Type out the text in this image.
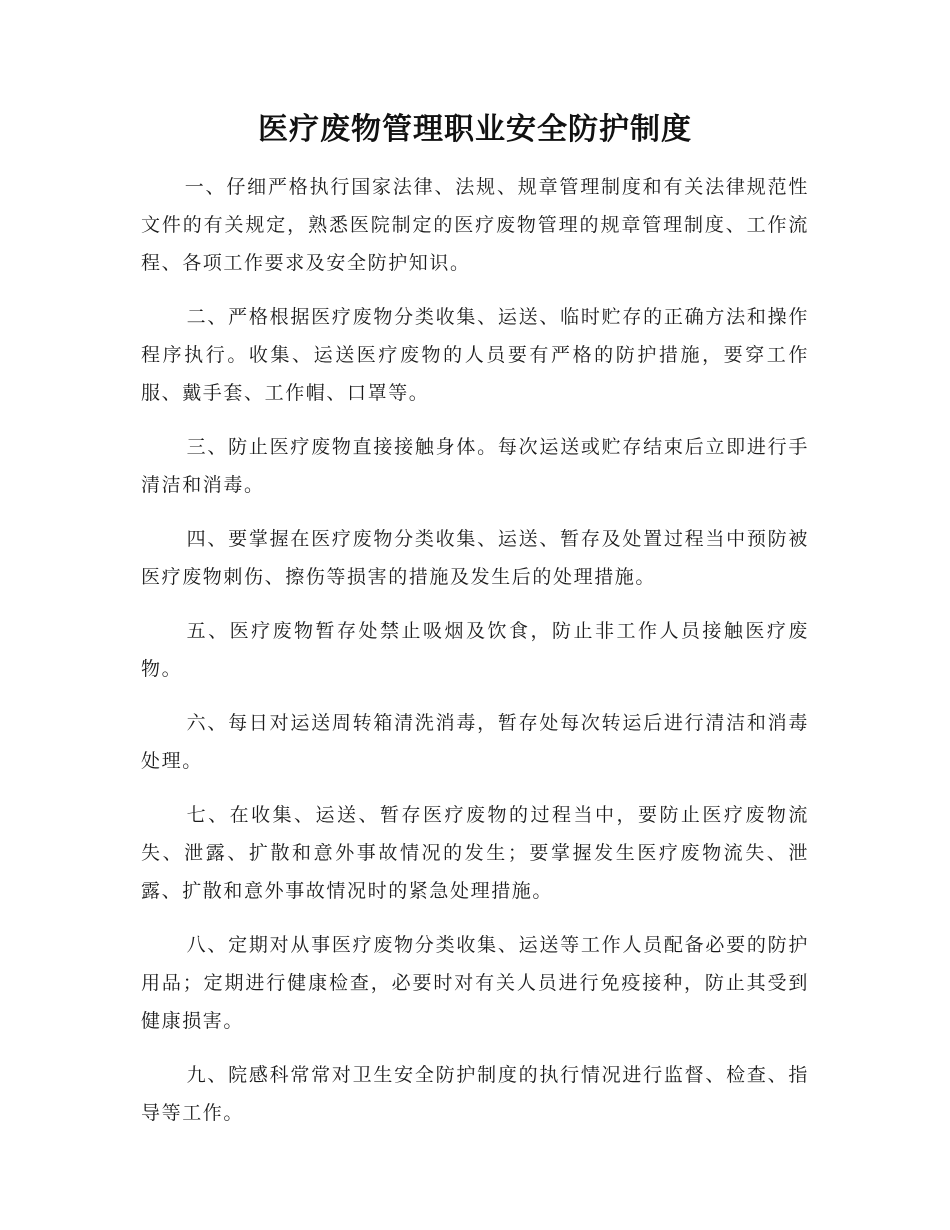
医疗废物管理职业安全防护制度

一、仔细严格执行国家法律、法规、规章管理制度和有关法律规范性文件的有关规定，熟悉医院制定的医疗废物管理的规章管理制度、工作流程、各项工作要求及安全防护知识。

二、严格根据医疗废物分类收集、运送、临时贮存的正确方法和操作程序执行。收集、运送医疗废物的人员要有严格的防护措施，要穿工作服、戴手套、工作帽、口罩等。

三、防止医疗废物直接接触身体。每次运送或贮存结束后立即进行手清洁和消毒。

四、要掌握在医疗废物分类收集、运送、暂存及处置过程当中预防被医疗废物刺伤、擦伤等损害的措施及发生后的处理措施。

五、医疗废物暂存处禁止吸烟及饮食，防止非工作人员接触医疗废物。

六、每日对运送周转箱清洗消毒，暂存处每次转运后进行清洁和消毒处理。

七、在收集、运送、暂存医疗废物的过程当中，要防止医疗废物流失、泄露、扩散和意外事故情况的发生；要掌握发生医疗废物流失、泄露、扩散和意外事故情况时的紧急处理措施。

八、定期对从事医疗废物分类收集、运送等工作人员配备必要的防护用品；定期进行健康检查，必要时对有关人员进行免疫接种，防止其受到健康损害。

九、院感科常常对卫生安全防护制度的执行情况进行监督、检查、指导等工作。
